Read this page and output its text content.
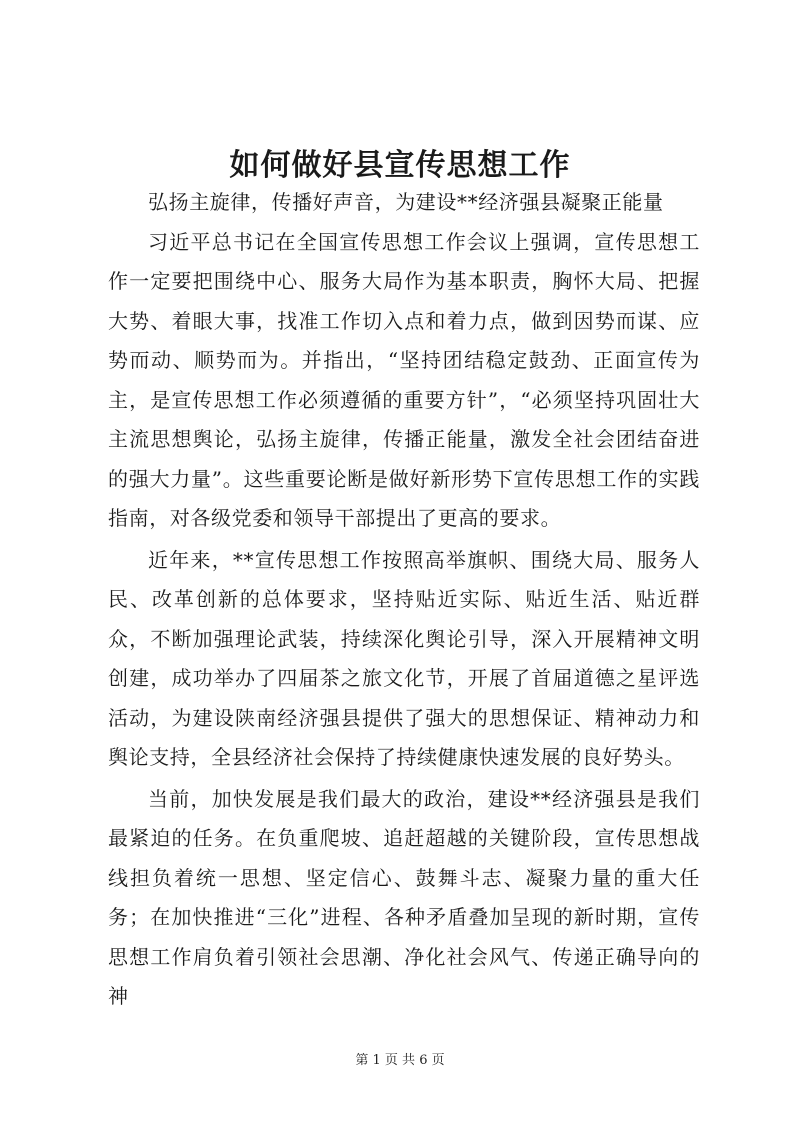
如何做好县宣传思想工作

弘扬主旋律，传播好声音，为建设**经济强县凝聚正能量

习近平总书记在全国宣传思想工作会议上强调，宣传思想工作一定要把围绕中心、服务大局作为基本职责，胸怀大局、把握大势、着眼大事，找准工作切入点和着力点，做到因势而谋、应势而动、顺势而为。并指出，“坚持团结稳定鼓劲、正面宣传为主，是宣传思想工作必须遵循的重要方针”，“必须坚持巩固壮大主流思想舆论，弘扬主旋律，传播正能量，激发全社会团结奋进的强大力量”。这些重要论断是做好新形势下宣传思想工作的实践指南，对各级党委和领导干部提出了更高的要求。

近年来，**宣传思想工作按照高举旗帜、围绕大局、服务人民、改革创新的总体要求，坚持贴近实际、贴近生活、贴近群众，不断加强理论武装，持续深化舆论引导，深入开展精神文明创建，成功举办了四届茶之旅文化节，开展了首届道德之星评选活动，为建设陕南经济强县提供了强大的思想保证、精神动力和舆论支持，全县经济社会保持了持续健康快速发展的良好势头。

当前，加快发展是我们最大的政治，建设**经济强县是我们最紧迫的任务。在负重爬坡、追赶超越的关键阶段，宣传思想战线担负着统一思想、坚定信心、鼓舞斗志、凝聚力量的重大任务；在加快推进“三化”进程、各种矛盾叠加呈现的新时期，宣传思想工作肩负着引领社会思潮、净化社会风气、传递正确导向的神

第 1 页 共 6 页
